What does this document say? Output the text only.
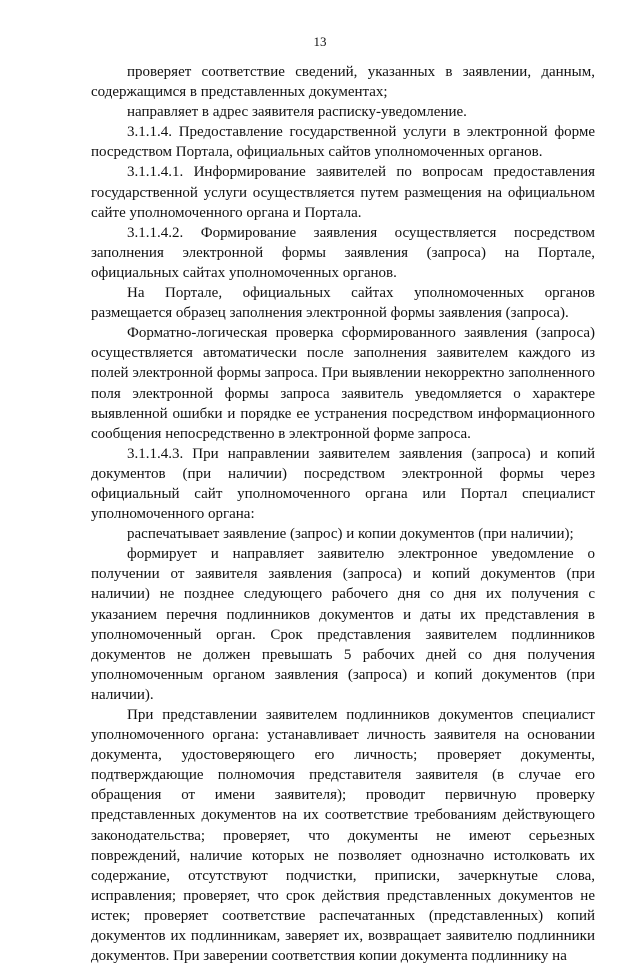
13

проверяет соответствие сведений, указанных в заявлении, данным, содержащимся в представленных документах;

направляет в адрес заявителя расписку-уведомление.

3.1.1.4. Предоставление государственной услуги в электронной форме посредством Портала, официальных сайтов уполномоченных органов.

3.1.1.4.1. Информирование заявителей по вопросам предоставления государственной услуги осуществляется путем размещения на официальном сайте уполномоченного органа и Портала.

3.1.1.4.2. Формирование заявления осуществляется посредством заполнения электронной формы заявления (запроса) на Портале, официальных сайтах уполномоченных органов.

На Портале, официальных сайтах уполномоченных органов размещается образец заполнения электронной формы заявления (запроса).

Форматно-логическая проверка сформированного заявления (запроса) осуществляется автоматически после заполнения заявителем каждого из полей электронной формы запроса. При выявлении некорректно заполненного поля электронной формы запроса заявитель уведомляется о характере выявленной ошибки и порядке ее устранения посредством информационного сообщения непосредственно в электронной форме запроса.

3.1.1.4.3. При направлении заявителем заявления (запроса) и копий документов (при наличии) посредством электронной формы через официальный сайт уполномоченного органа или Портал специалист уполномоченного органа:

распечатывает заявление (запрос) и копии документов (при наличии);

формирует и направляет заявителю электронное уведомление о получении от заявителя заявления (запроса) и копий документов (при наличии) не позднее следующего рабочего дня со дня их получения с указанием перечня подлинников документов и даты их представления в уполномоченный орган. Срок представления заявителем подлинников документов не должен превышать 5 рабочих дней со дня получения уполномоченным органом заявления (запроса) и копий документов (при наличии).

При представлении заявителем подлинников документов специалист уполномоченного органа: устанавливает личность заявителя на основании документа, удостоверяющего его личность; проверяет документы, подтверждающие полномочия представителя заявителя (в случае его обращения от имени заявителя); проводит первичную проверку представленных документов на их соответствие требованиям действующего законодательства; проверяет, что документы не имеют серьезных повреждений, наличие которых не позволяет однозначно истолковать их содержание, отсутствуют подчистки, приписки, зачеркнутые слова, исправления; проверяет, что срок действия представленных документов не истек; проверяет соответствие распечатанных (представленных) копий документов их подлинникам, заверяет их, возвращает заявителю подлинники документов. При заверении соответствия копии документа подлиннику на
